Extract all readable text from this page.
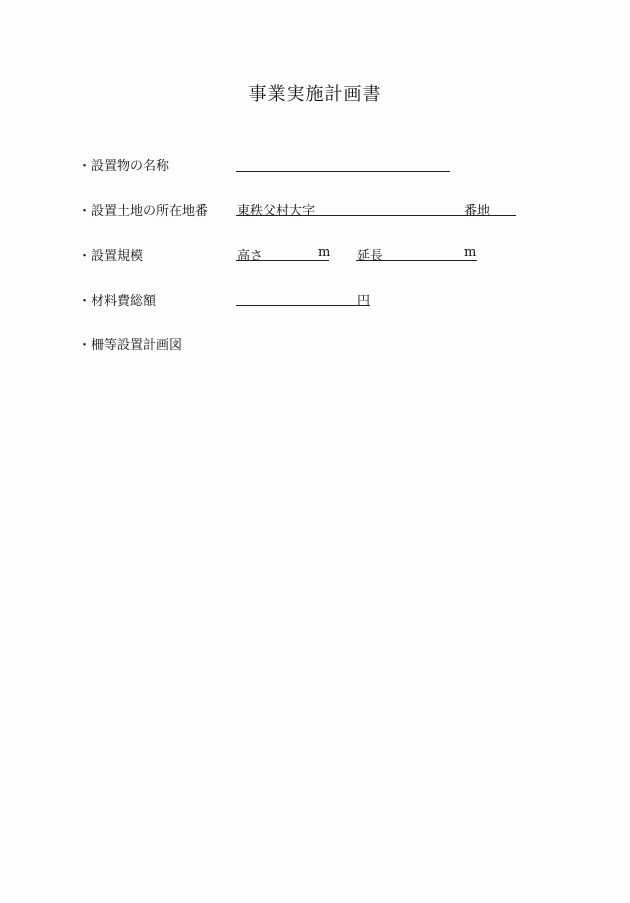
事業実施計画書
・設置物の名称
・設置土地の所在地番 東秩父村大字	番地
・設置規模	高さ	m 延長	m
・材料費総額	円
・柵等設置計画図
